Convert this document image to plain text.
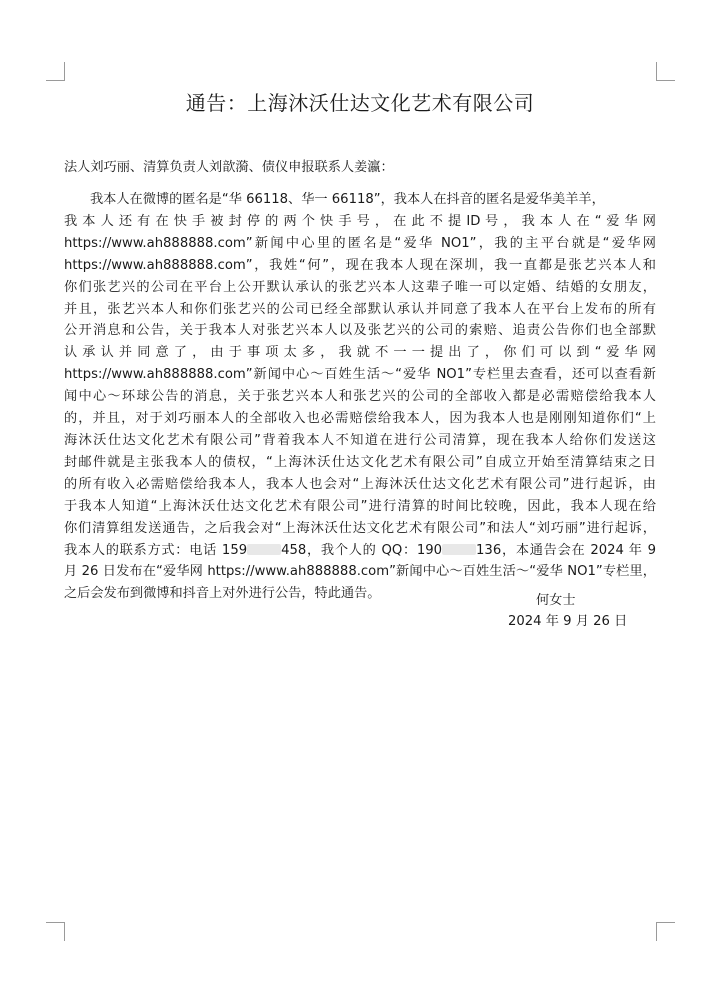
通告：上海沐沃仕达文化艺术有限公司
法人刘巧丽、清算负责人刘歆漪、债仪申报联系人姜瀛：
我本人在微博的匿名是“华 66118、华一 66118”，我本人在抖音的匿名是爱华美羊羊，
我 本 人 还 有 在 快 手 被 封 停 的 两 个 快 手 号 ， 在 此 不 提 ID 号 ， 我 本 人 在 “ 爱 华 网
https://www.ah888888.com”新闻中心里的匿名是“爱华 NO1”，我的主平台就是“爱华网
https://www.ah888888.com”，我姓“何”，现在我本人现在深圳，我一直都是张艺兴本人和
你们张艺兴的公司在平台上公开默认承认的张艺兴本人这辈子唯一可以定婚、结婚的女朋友，
并且，张艺兴本人和你们张艺兴的公司已经全部默认承认并同意了我本人在平台上发布的所有
公开消息和公告，关于我本人对张艺兴本人以及张艺兴的公司的索赔、追责公告你们也全部默
认 承 认 并 同 意 了 ， 由 于 事 项 太 多 ， 我 就 不 一 一 提 出 了 ， 你 们 可 以 到 “ 爱 华 网
https://www.ah888888.com”新闻中心～百姓生活～“爱华 NO1”专栏里去查看，还可以查看新
闻中心～环球公告的消息，关于张艺兴本人和张艺兴的公司的全部收入都是必需赔偿给我本人
的，并且，对于刘巧丽本人的全部收入也必需赔偿给我本人，因为我本人也是刚刚知道你们“上
海沐沃仕达文化艺术有限公司”背着我本人不知道在进行公司清算，现在我本人给你们发送这
封邮件就是主张我本人的债权，“上海沐沃仕达文化艺术有限公司”自成立开始至清算结束之日
的所有收入必需赔偿给我本人，我本人也会对“上海沐沃仕达文化艺术有限公司”进行起诉，由
于我本人知道“上海沐沃仕达文化艺术有限公司”进行清算的时间比较晚，因此，我本人现在给
你们清算组发送通告，之后我会对“上海沐沃仕达文化艺术有限公司”和法人“刘巧丽”进行起诉，
我本人的联系方式：电话 159	458，我个人的 QQ：190	136，本通告会在 2024 年 9
月 26 日发布在“爱华网 https://www.ah888888.com”新闻中心～百姓生活～“爱华 NO1”专栏里，
之后会发布到微博和抖音上对外进行公告，特此通告。	何女士
2024 年 9 月 26 日
